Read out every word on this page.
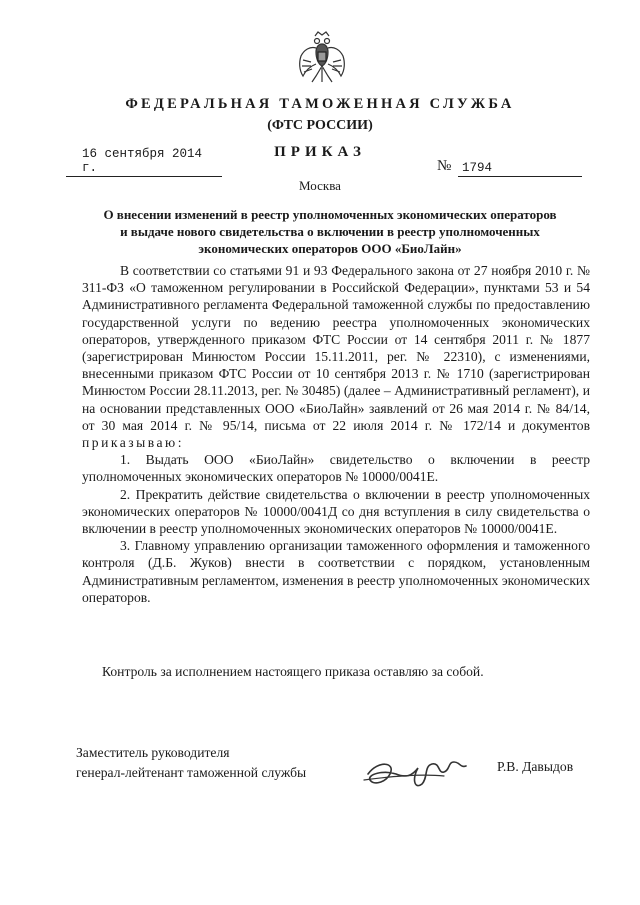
ФЕДЕРАЛЬНАЯ ТАМОЖЕННАЯ СЛУЖБА
(ФТС РОССИИ)
ПРИКАЗ
16 сентября 2014 г.	№ 1794
Москва
О внесении изменений в реестр уполномоченных экономических операторов
и выдаче нового свидетельства о включении в реестр уполномоченных
экономических операторов ООО «БиоЛайн»

В соответствии со статьями 91 и 93 Федерального закона от 27 ноября 2010 г. № 311-ФЗ «О таможенном регулировании в Российской Федерации», пунктами 53 и 54 Административного регламента Федеральной таможенной службы по предоставлению государственной услуги по ведению реестра уполномоченных экономических операторов, утвержденного приказом ФТС России от 14 сентября 2011 г. № 1877 (зарегистрирован Минюстом России 15.11.2011, рег. № 22310), с изменениями, внесенными приказом ФТС России от 10 сентября 2013 г. № 1710 (зарегистрирован Минюстом России 28.11.2013, рег. № 30485) (далее – Административный регламент), и на основании представленных ООО «БиоЛайн» заявлений от 26 мая 2014 г. № 84/14, от 30 мая 2014 г. № 95/14, письма от 22 июля 2014 г. № 172/14 и документов приказываю:

1. Выдать ООО «БиоЛайн» свидетельство о включении в реестр уполномоченных экономических операторов № 10000/0041Е.

2. Прекратить действие свидетельства о включении в реестр уполномоченных экономических операторов № 10000/0041Д со дня вступления в силу свидетельства о включении в реестр уполномоченных экономических операторов № 10000/0041Е.

3. Главному управлению организации таможенного оформления и таможенного контроля (Д.Б. Жуков) внести в соответствии с порядком, установленным Административным регламентом, изменения в реестр уполномоченных экономических операторов.

Контроль за исполнением настоящего приказа оставляю за собой.
Заместитель руководителя
генерал-лейтенант таможенной службы	Р.В. Давыдов
